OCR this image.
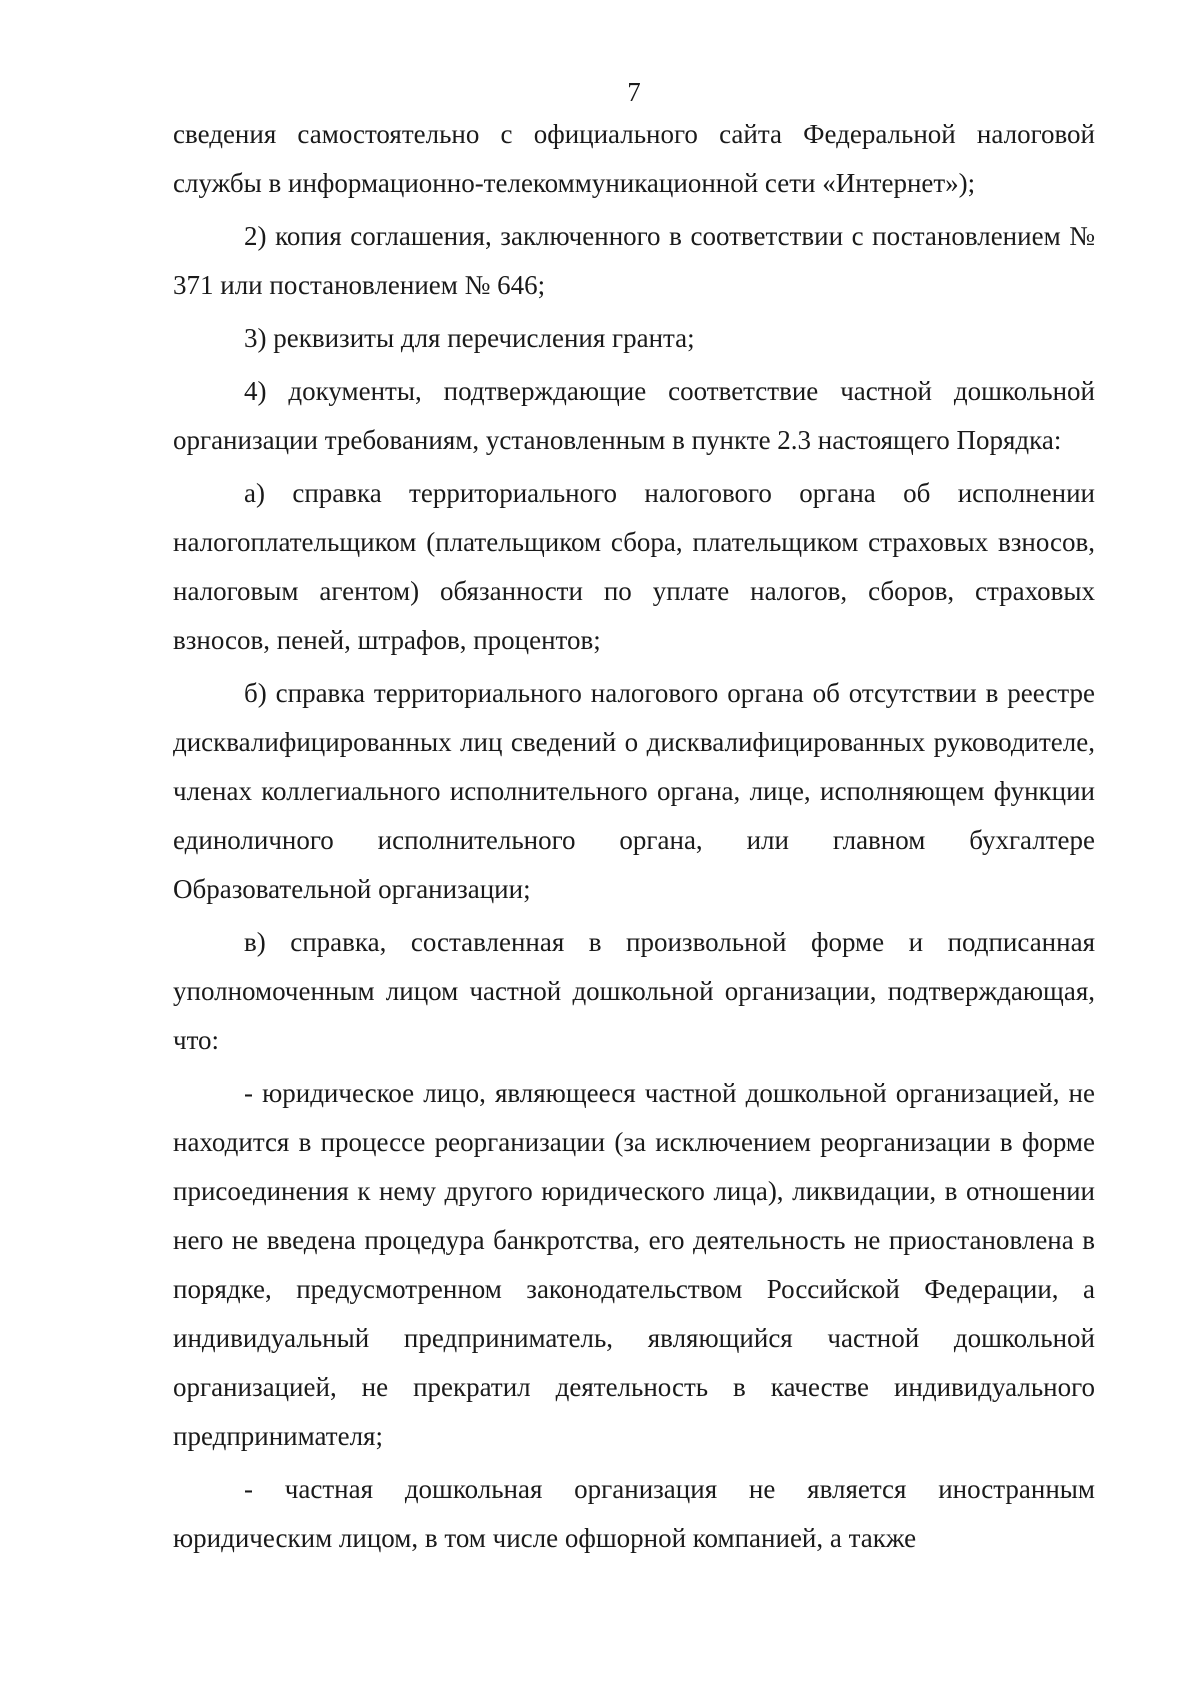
7

сведения самостоятельно с официального сайта Федеральной налоговой службы в информационно-телекоммуникационной сети «Интернет»);

2) копия соглашения, заключенного в соответствии с постановлением № 371 или постановлением № 646;

3) реквизиты для перечисления гранта;

4) документы, подтверждающие соответствие частной дошкольной организации требованиям, установленным в пункте 2.3 настоящего Порядка:

а) справка территориального налогового органа об исполнении налогоплательщиком (плательщиком сбора, плательщиком страховых взносов, налоговым агентом) обязанности по уплате налогов, сборов, страховых взносов, пеней, штрафов, процентов;

б) справка территориального налогового органа об отсутствии в реестре дисквалифицированных лиц сведений о дисквалифицированных руководителе, членах коллегиального исполнительного органа, лице, исполняющем функции единоличного исполнительного органа, или главном бухгалтере Образовательной организации;

в) справка, составленная в произвольной форме и подписанная уполномоченным лицом частной дошкольной организации, подтверждающая, что:

- юридическое лицо, являющееся частной дошкольной организацией, не находится в процессе реорганизации (за исключением реорганизации в форме присоединения к нему другого юридического лица), ликвидации, в отношении него не введена процедура банкротства, его деятельность не приостановлена в порядке, предусмотренном законодательством Российской Федерации, а индивидуальный предприниматель, являющийся частной дошкольной организацией, не прекратил деятельность в качестве индивидуального предпринимателя;

- частная дошкольная организация не является иностранным юридическим лицом, в том числе офшорной компанией, а также
